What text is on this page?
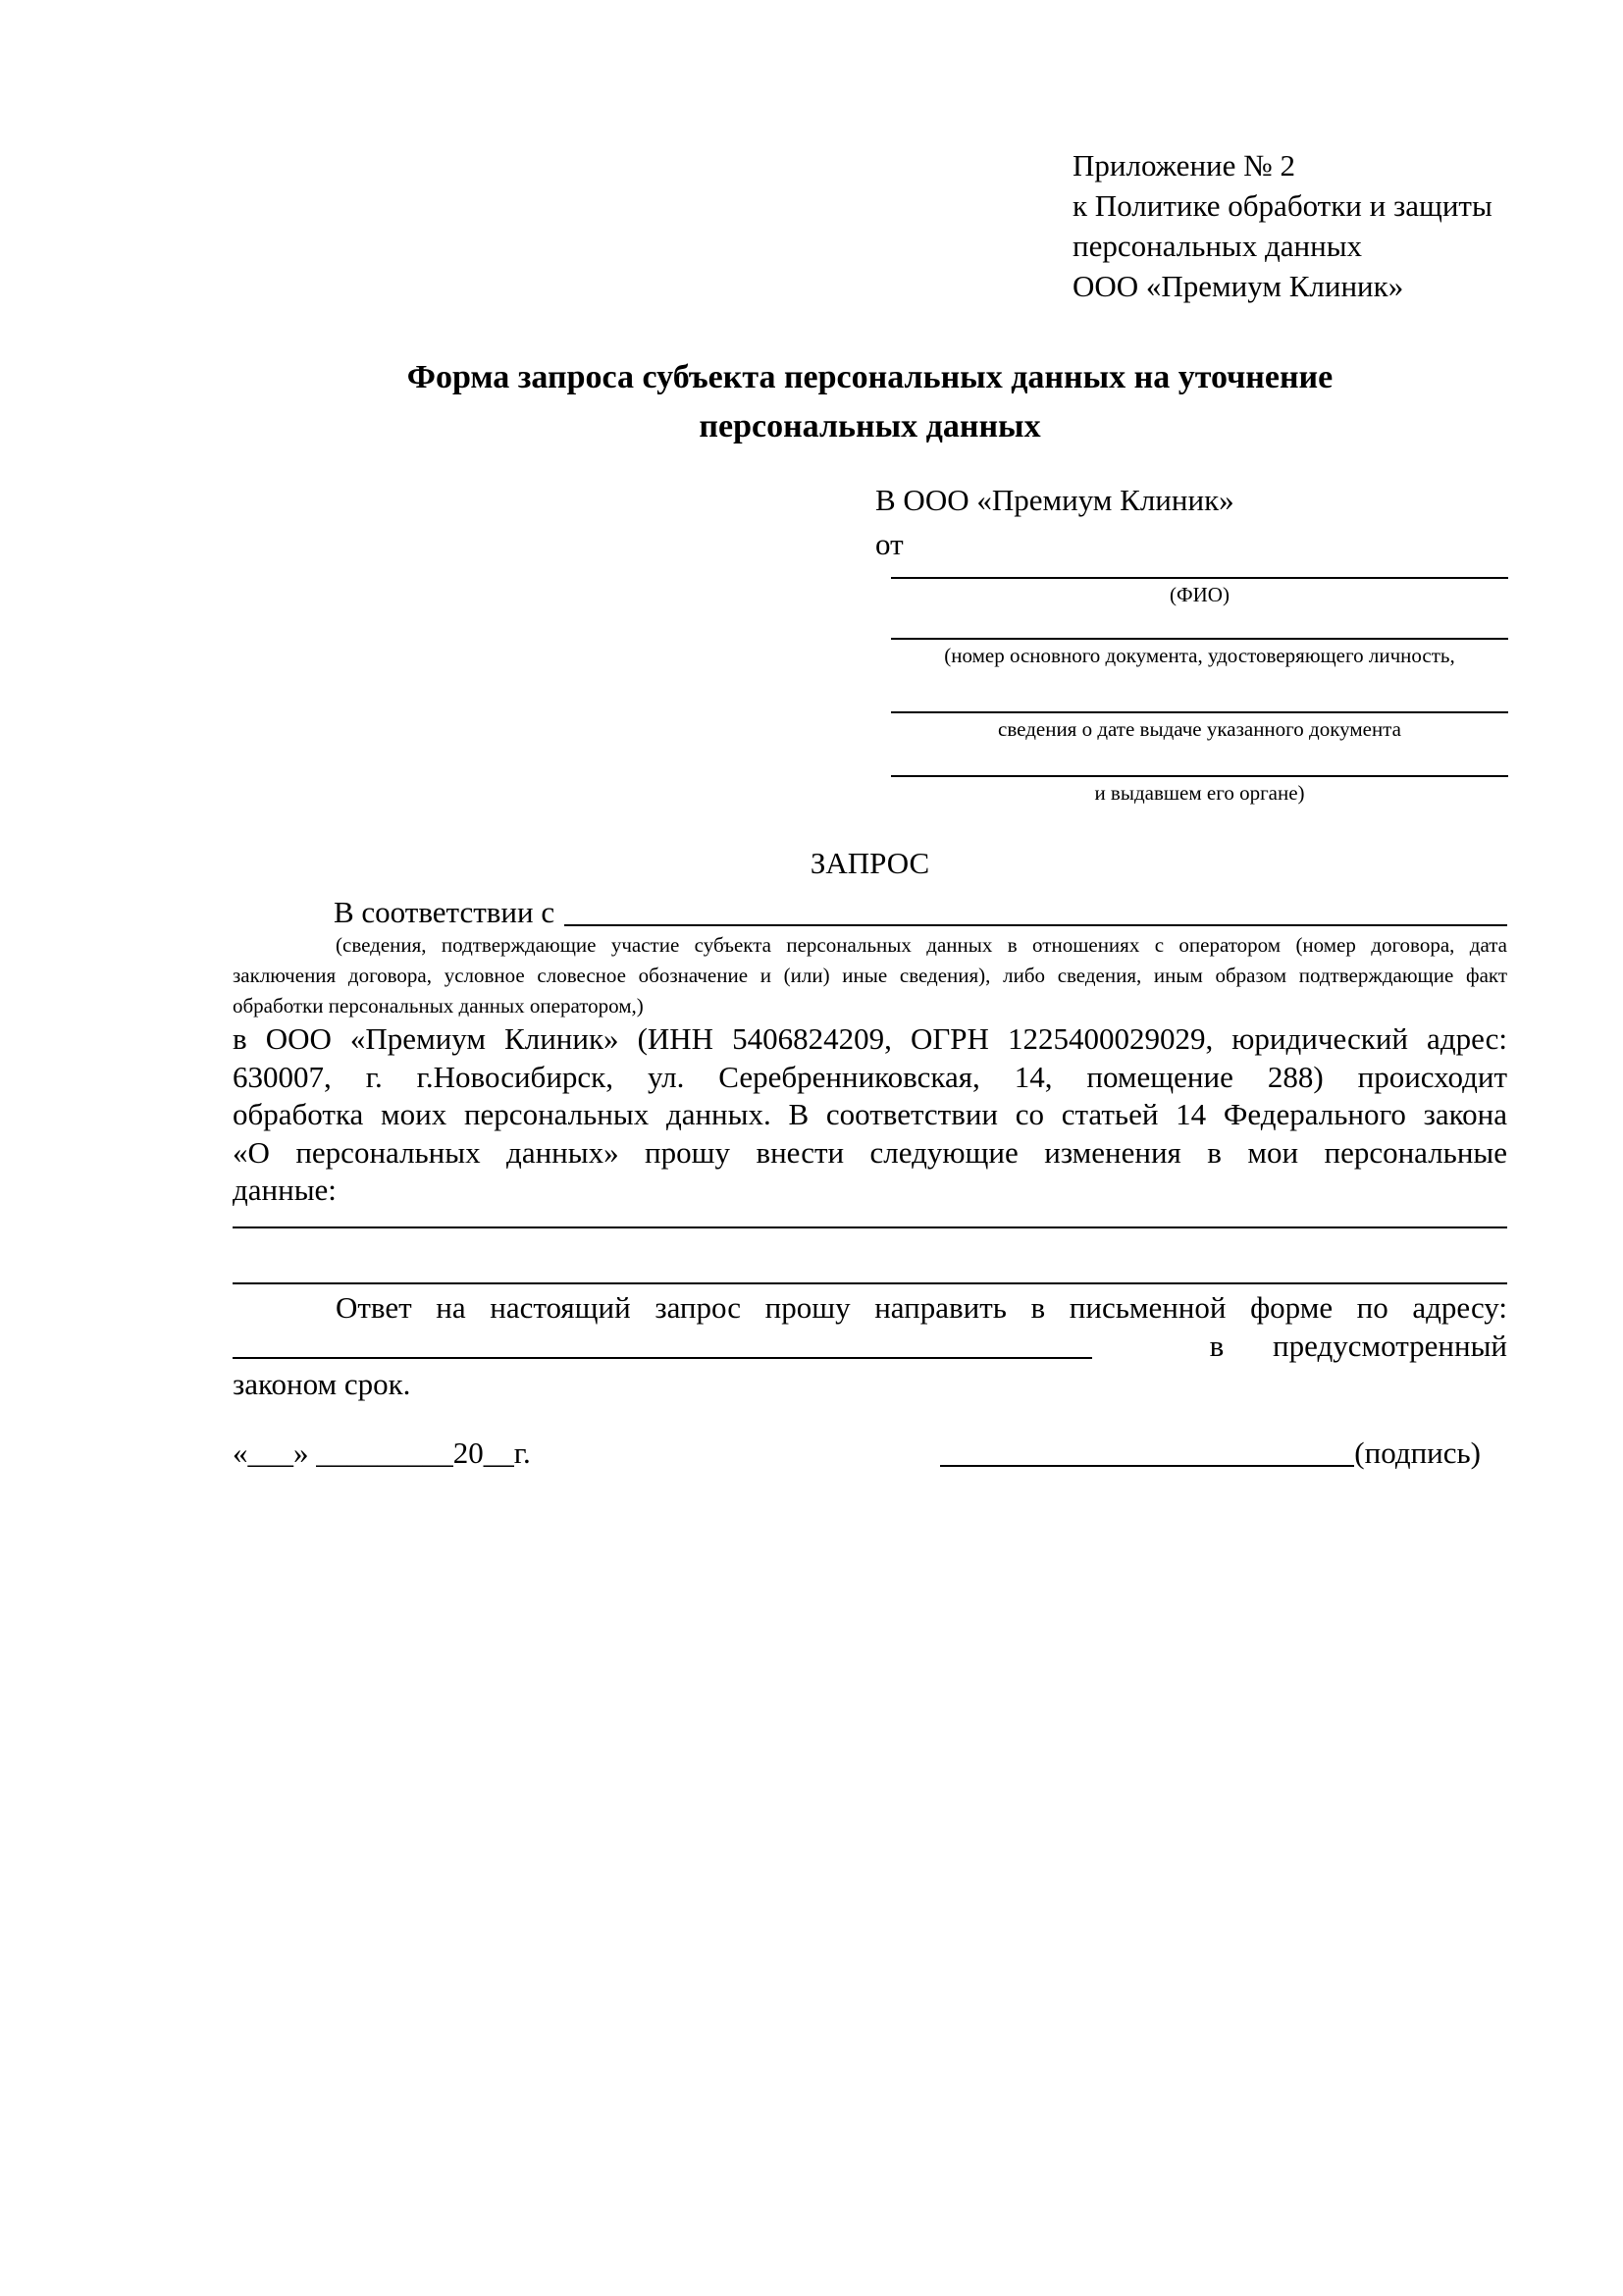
Приложение № 2
к Политике обработки и защиты
персональных данных
ООО «Премиум Клиник»
Форма запроса субъекта персональных данных на уточнение
персональных данных
В ООО «Премиум Клиник»
от
(ФИО)
(номер основного документа, удостоверяющего личность,
сведения о дате выдаче указанного документа
и выдавшем его органе)
ЗАПРОС
В соответствии с
(сведения, подтверждающие участие субъекта персональных данных в отношениях с оператором (номер договора, дата
заключения договора, условное словесное обозначение и (или) иные сведения), либо сведения, иным образом подтверждающие факт
обработки персональных данных оператором,)
в ООО «Премиум Клиник» (ИНН 5406824209, ОГРН 1225400029029, юридический адрес:
630007, г. г.Новосибирск, ул. Серебренниковская, 14, помещение 288) происходит
обработка моих персональных данных. В соответствии со статьей 14 Федерального закона
«О персональных данных» прошу внести следующие изменения в мои персональные
данные:
Ответ на настоящий запрос прошу направить в письменной форме по адресу:
в предусмотренный
законом срок.
«___» _________20__г.	(подпись)
